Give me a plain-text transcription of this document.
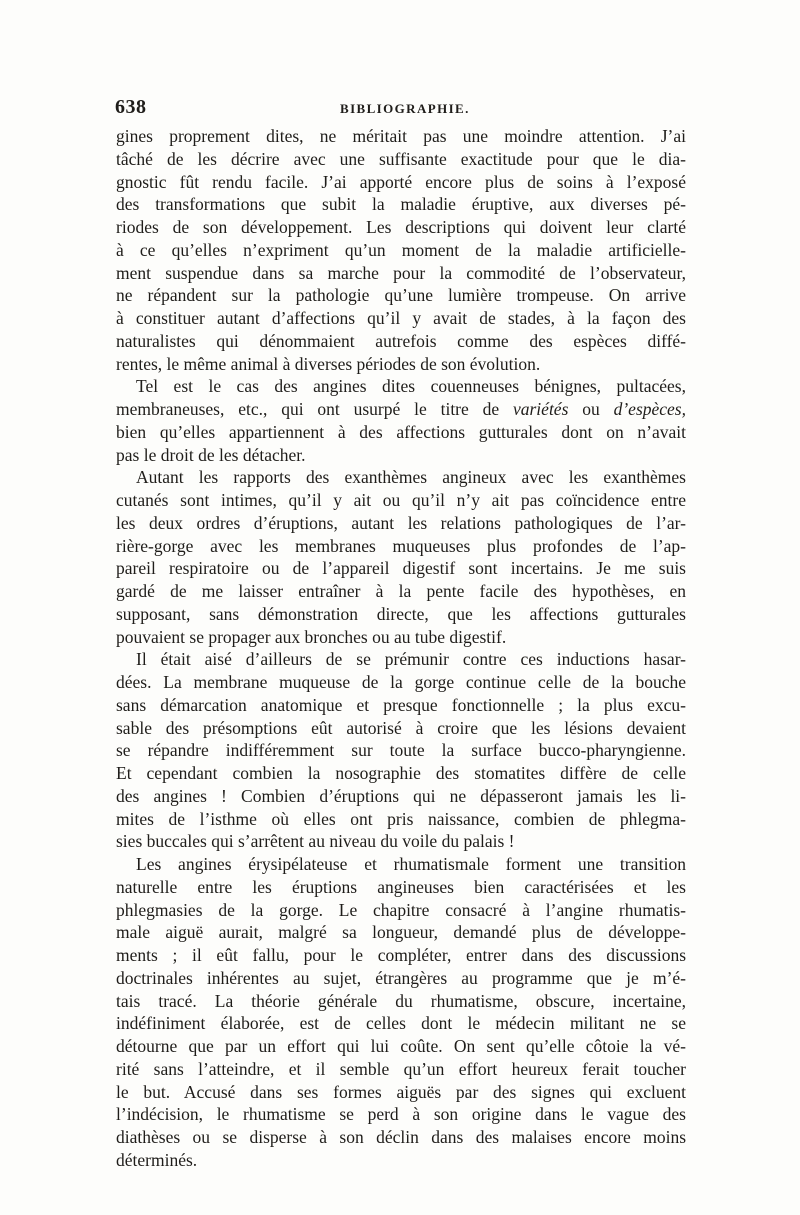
638	BIBLIOGRAPHIE.
gines proprement dites, ne méritait pas une moindre attention. J’ai
tâché de les décrire avec une suffisante exactitude pour que le dia-
gnostic fût rendu facile. J’ai apporté encore plus de soins à l’exposé
des transformations que subit la maladie éruptive, aux diverses pé-
riodes de son développement. Les descriptions qui doivent leur clarté
à ce qu’elles n’expriment qu’un moment de la maladie artificielle-
ment suspendue dans sa marche pour la commodité de l’observateur,
ne répandent sur la pathologie qu’une lumière trompeuse. On arrive
à constituer autant d’affections qu’il y avait de stades, à la façon des
naturalistes qui dénommaient autrefois comme des espèces diffé-
rentes, le même animal à diverses périodes de son évolution.
Tel est le cas des angines dites couenneuses bénignes, pultacées,
membraneuses, etc., qui ont usurpé le titre de variétés ou d’espèces,
bien qu’elles appartiennent à des affections gutturales dont on n’avait
pas le droit de les détacher.
Autant les rapports des exanthèmes angineux avec les exanthèmes
cutanés sont intimes, qu’il y ait ou qu’il n’y ait pas coïncidence entre
les deux ordres d’éruptions, autant les relations pathologiques de l’ar-
rière-gorge avec les membranes muqueuses plus profondes de l’ap-
pareil respiratoire ou de l’appareil digestif sont incertains. Je me suis
gardé de me laisser entraîner à la pente facile des hypothèses, en
supposant, sans démonstration directe, que les affections gutturales
pouvaient se propager aux bronches ou au tube digestif.
Il était aisé d’ailleurs de se prémunir contre ces inductions hasar-
dées. La membrane muqueuse de la gorge continue celle de la bouche
sans démarcation anatomique et presque fonctionnelle ; la plus excu-
sable des présomptions eût autorisé à croire que les lésions devaient
se répandre indifféremment sur toute la surface bucco-pharyngienne.
Et cependant combien la nosographie des stomatites diffère de celle
des angines ! Combien d’éruptions qui ne dépasseront jamais les li-
mites de l’isthme où elles ont pris naissance, combien de phlegma-
sies buccales qui s’arrêtent au niveau du voile du palais !
Les angines érysipélateuse et rhumatismale forment une transition
naturelle entre les éruptions angineuses bien caractérisées et les
phlegmasies de la gorge. Le chapitre consacré à l’angine rhumatis-
male aiguë aurait, malgré sa longueur, demandé plus de développe-
ments ; il eût fallu, pour le compléter, entrer dans des discussions
doctrinales inhérentes au sujet, étrangères au programme que je m’é-
tais tracé. La théorie générale du rhumatisme, obscure, incertaine,
indéfiniment élaborée, est de celles dont le médecin militant ne se
détourne que par un effort qui lui coûte. On sent qu’elle côtoie la vé-
rité sans l’atteindre, et il semble qu’un effort heureux ferait toucher
le but. Accusé dans ses formes aiguës par des signes qui excluent
l’indécision, le rhumatisme se perd à son origine dans le vague des
diathèses ou se disperse à son déclin dans des malaises encore moins
déterminés.
